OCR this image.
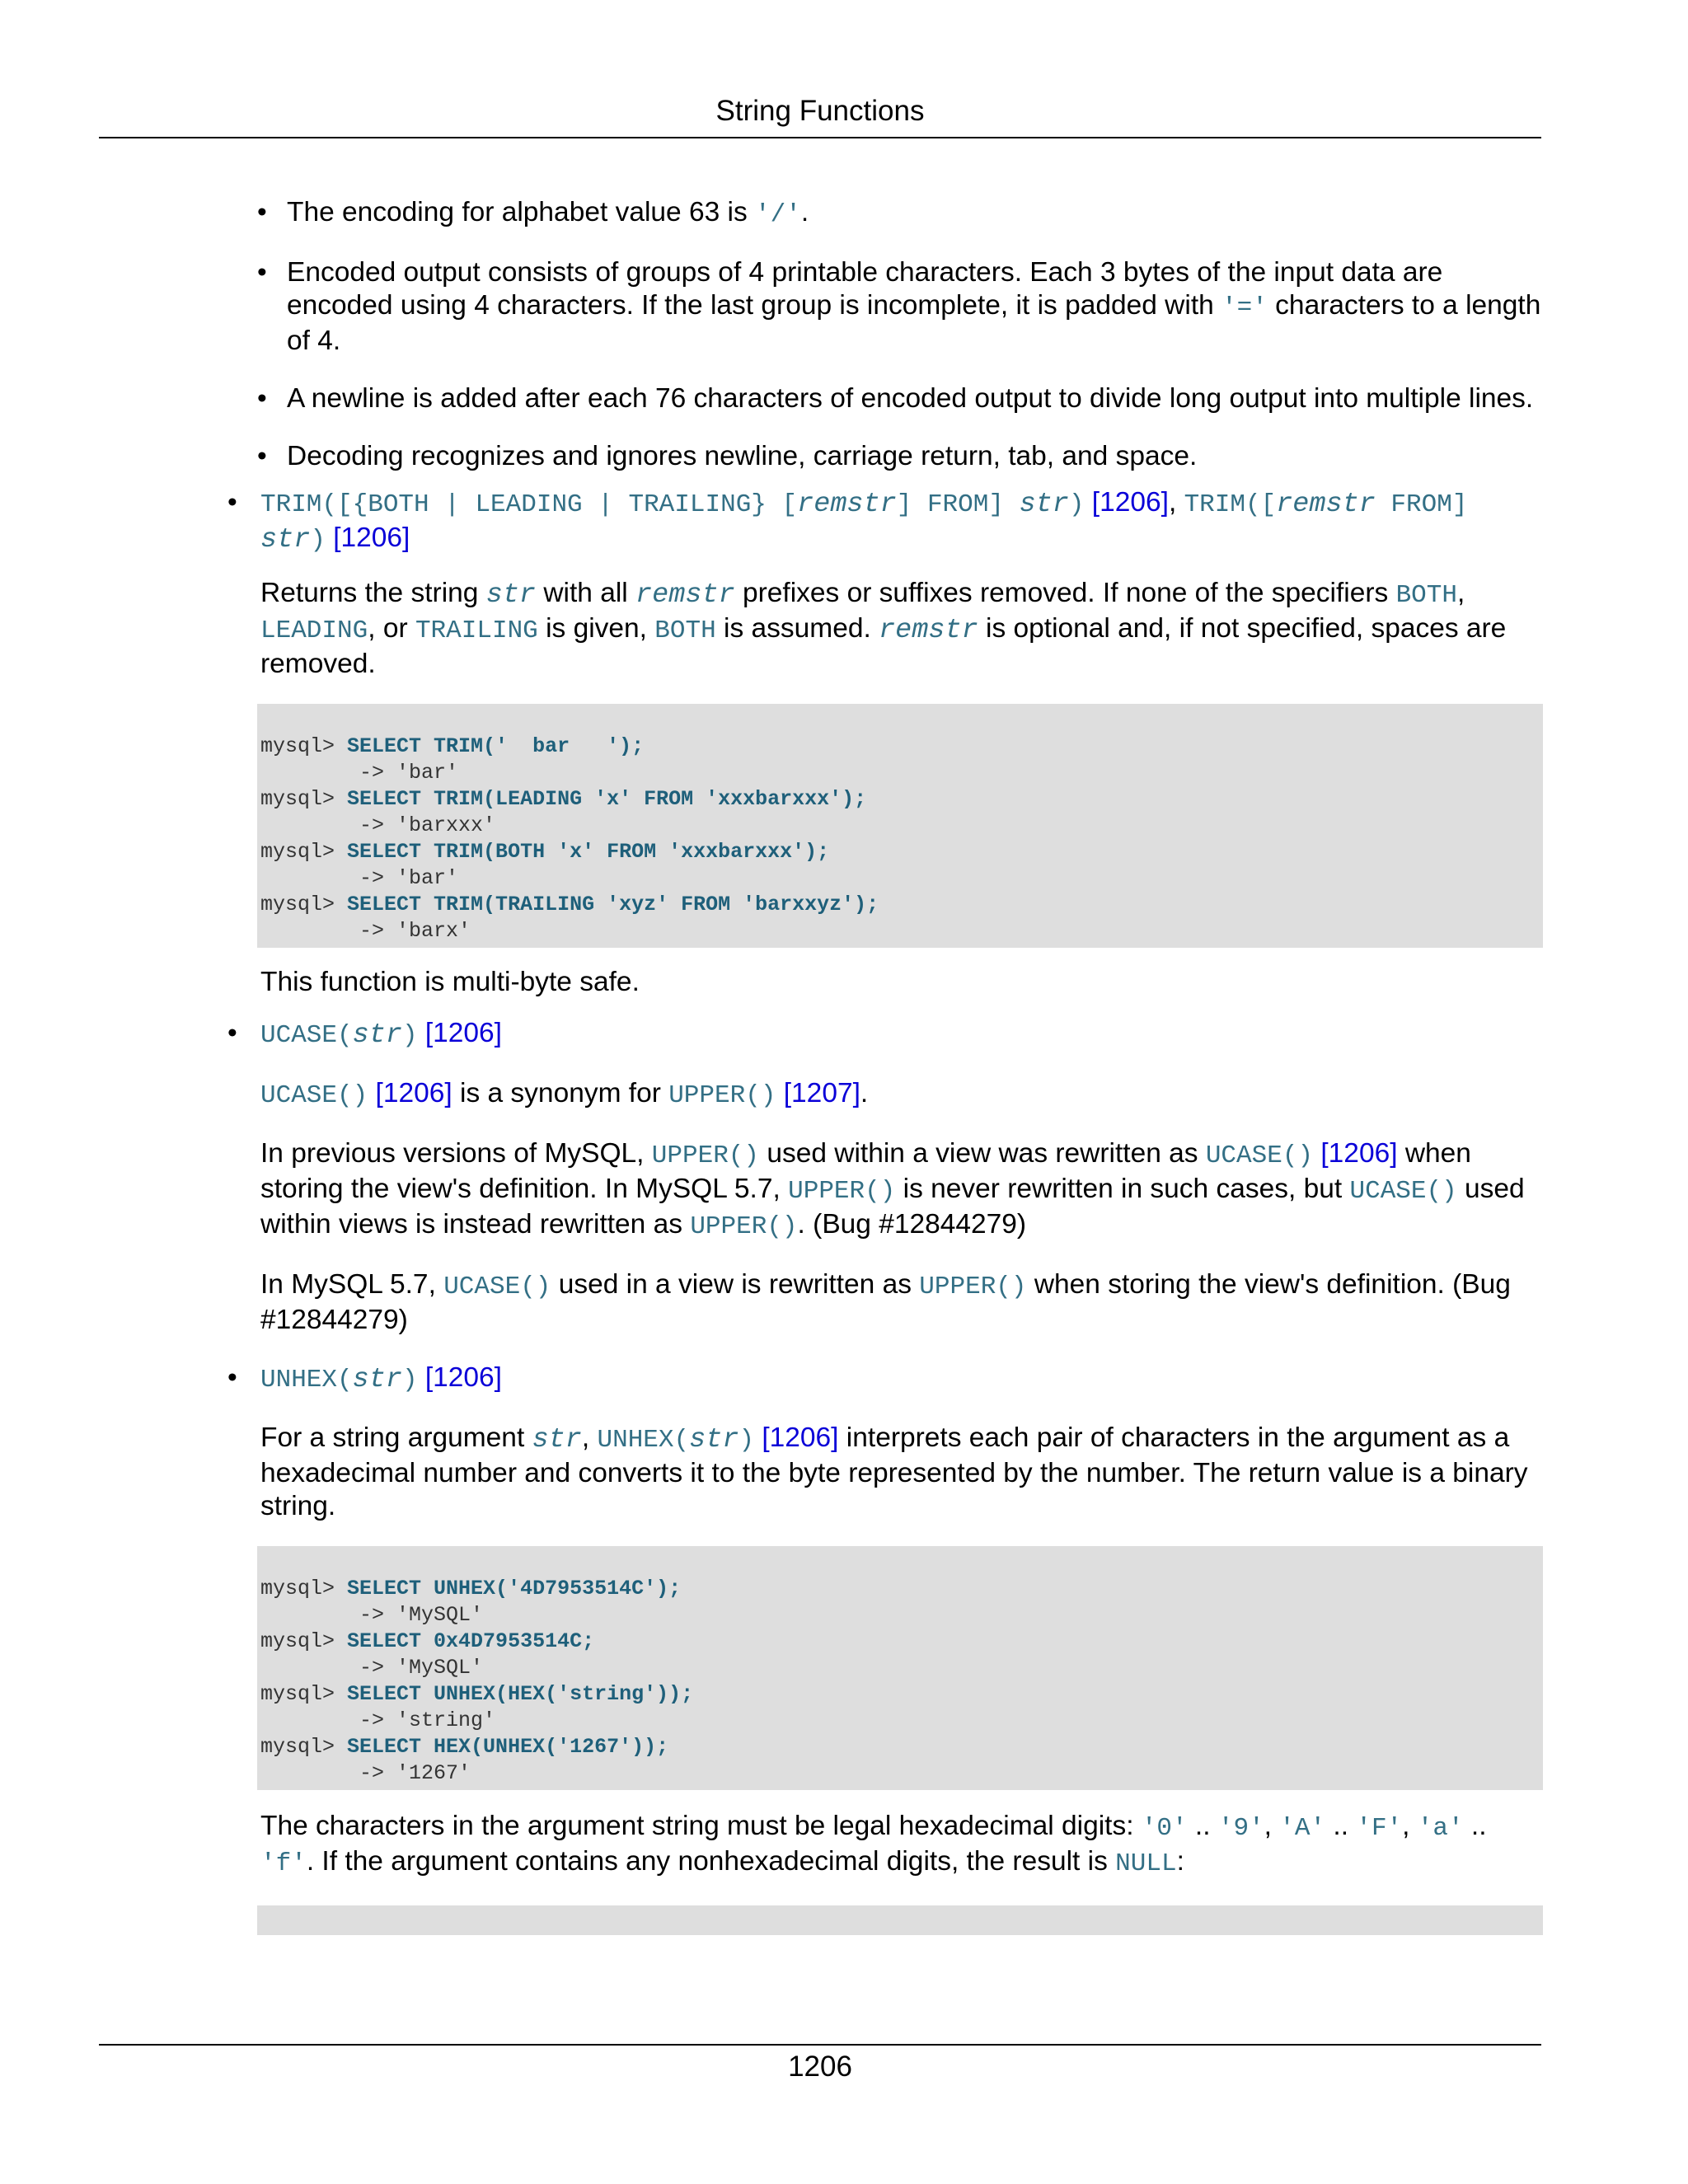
String Functions
• The encoding for alphabet value 63 is '/'.

• Encoded output consists of groups of 4 printable characters. Each 3 bytes of the input data are encoded using 4 characters. If the last group is incomplete, it is padded with '=' characters to a length of 4.

• A newline is added after each 76 characters of encoded output to divide long output into multiple lines.

• Decoding recognizes and ignores newline, carriage return, tab, and space.

• TRIM([{BOTH | LEADING | TRAILING} [remstr] FROM] str) [1206], TRIM([remstr FROM] str) [1206]

Returns the string str with all remstr prefixes or suffixes removed. If none of the specifiers BOTH, LEADING, or TRAILING is given, BOTH is assumed. remstr is optional and, if not specified, spaces are removed.

mysql> SELECT TRIM('  bar   ');
-> 'bar'
mysql> SELECT TRIM(LEADING 'x' FROM 'xxxbarxxx');
-> 'barxxx'
mysql> SELECT TRIM(BOTH 'x' FROM 'xxxbarxxx');
-> 'bar'
mysql> SELECT TRIM(TRAILING 'xyz' FROM 'barxxyz');
-> 'barx'

This function is multi-byte safe.

• UCASE(str) [1206]

UCASE() [1206] is a synonym for UPPER() [1207].

In previous versions of MySQL, UPPER() used within a view was rewritten as UCASE() [1206] when storing the view's definition. In MySQL 5.7, UPPER() is never rewritten in such cases, but UCASE() used within views is instead rewritten as UPPER(). (Bug #12844279)

In MySQL 5.7, UCASE() used in a view is rewritten as UPPER() when storing the view's definition. (Bug #12844279)

• UNHEX(str) [1206]

For a string argument str, UNHEX(str) [1206] interprets each pair of characters in the argument as a hexadecimal number and converts it to the byte represented by the number. The return value is a binary string.

mysql> SELECT UNHEX('4D7953514C');
-> 'MySQL'
mysql> SELECT 0x4D7953514C;
-> 'MySQL'
mysql> SELECT UNHEX(HEX('string'));
-> 'string'
mysql> SELECT HEX(UNHEX('1267'));
-> '1267'

The characters in the argument string must be legal hexadecimal digits: '0' .. '9', 'A' .. 'F', 'a' .. 'f'. If the argument contains any nonhexadecimal digits, the result is NULL:

1206
